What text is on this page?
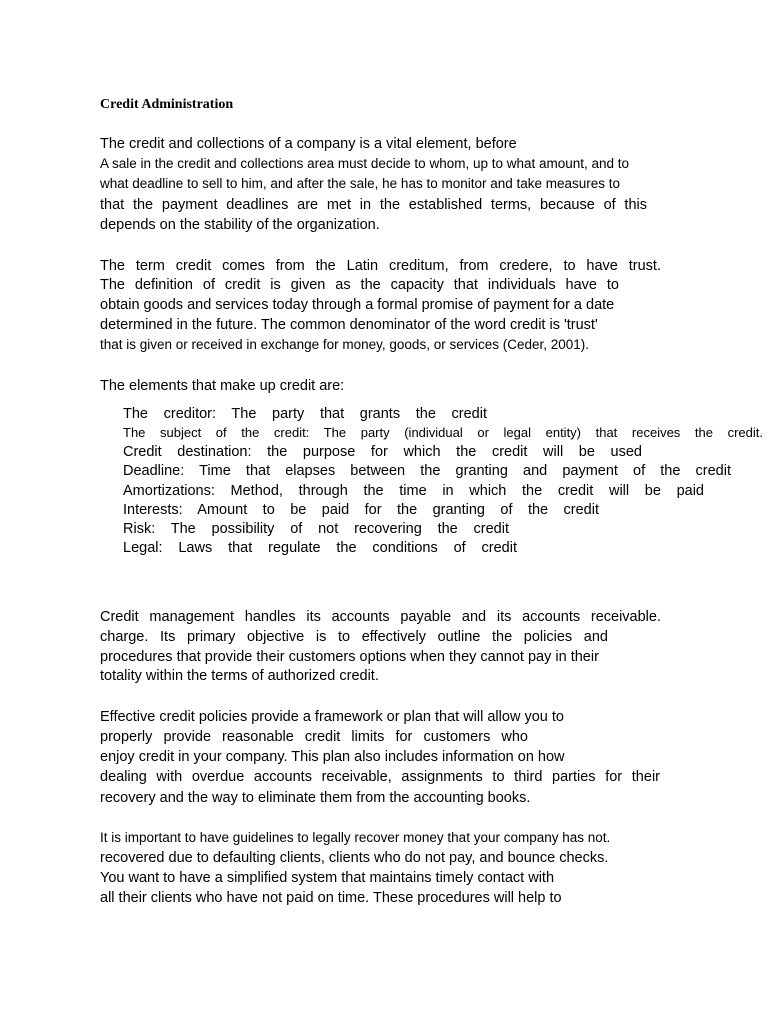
Credit Administration
The credit and collections of a company is a vital element, before
A sale in the credit and collections area must decide to whom, up to what amount, and to
what deadline to sell to him, and after the sale, he has to monitor and take measures to
that the payment deadlines are met in the established terms, because of this
depends on the stability of the organization.
The term credit comes from the Latin creditum, from credere, to have trust.
The definition of credit is given as the capacity that individuals have to
obtain goods and services today through a formal promise of payment for a date
determined in the future. The common denominator of the word credit is 'trust'
that is given or received in exchange for money, goods, or services (Ceder, 2001).
The elements that make up credit are:
The creditor: The party that grants the credit
The subject of the credit: The party (individual or legal entity) that receives the credit.
Credit destination: the purpose for which the credit will be used
Deadline: Time that elapses between the granting and payment of the credit
Amortizations: Method, through the time in which the credit will be paid
Interests: Amount to be paid for the granting of the credit
Risk: The possibility of not recovering the credit
Legal: Laws that regulate the conditions of credit
Credit management handles its accounts payable and its accounts receivable.
charge. Its primary objective is to effectively outline the policies and
procedures that provide their customers options when they cannot pay in their
totality within the terms of authorized credit.
Effective credit policies provide a framework or plan that will allow you to
properly provide reasonable credit limits for customers who
enjoy credit in your company. This plan also includes information on how
dealing with overdue accounts receivable, assignments to third parties for their
recovery and the way to eliminate them from the accounting books.
It is important to have guidelines to legally recover money that your company has not.
recovered due to defaulting clients, clients who do not pay, and bounce checks.
You want to have a simplified system that maintains timely contact with
all their clients who have not paid on time. These procedures will help to
